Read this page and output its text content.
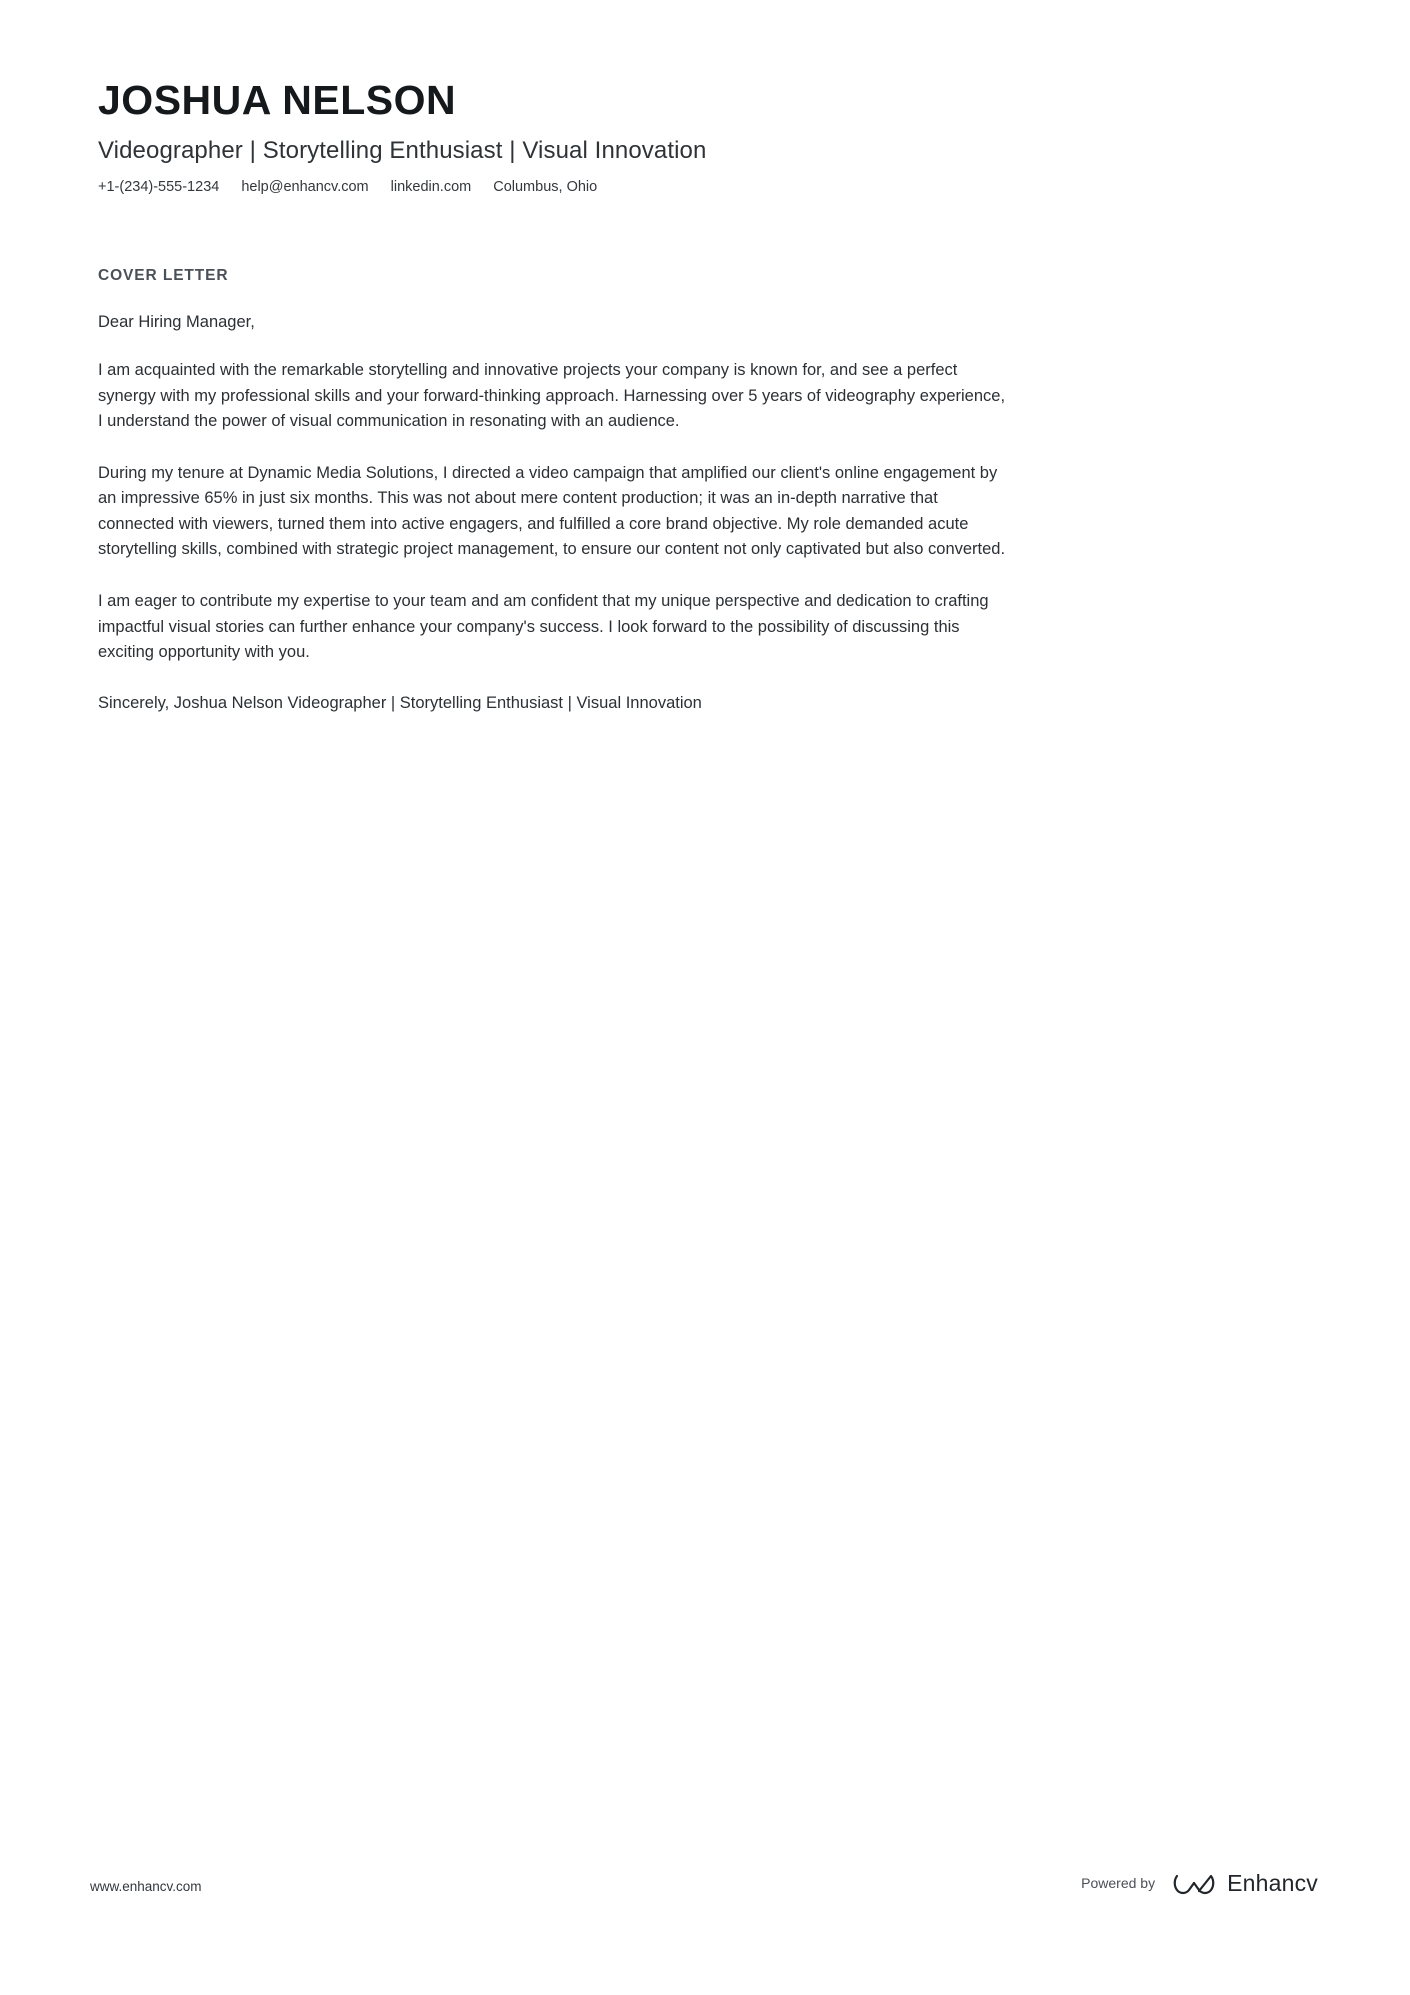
JOSHUA NELSON
Videographer | Storytelling Enthusiast | Visual Innovation
+1-(234)-555-1234 help@enhancv.com linkedin.com Columbus, Ohio
COVER LETTER
Dear Hiring Manager,

I am acquainted with the remarkable storytelling and innovative projects your company is known for, and see a perfect synergy with my professional skills and your forward-thinking approach. Harnessing over 5 years of videography experience, I understand the power of visual communication in resonating with an audience.

During my tenure at Dynamic Media Solutions, I directed a video campaign that amplified our client's online engagement by an impressive 65% in just six months. This was not about mere content production; it was an in-depth narrative that connected with viewers, turned them into active engagers, and fulfilled a core brand objective. My role demanded acute storytelling skills, combined with strategic project management, to ensure our content not only captivated but also converted.

I am eager to contribute my expertise to your team and am confident that my unique perspective and dedication to crafting impactful visual stories can further enhance your company's success. I look forward to the possibility of discussing this exciting opportunity with you.

Sincerely, Joshua Nelson Videographer | Storytelling Enthusiast | Visual Innovation
www.enhancv.com	Powered by	Enhancv
